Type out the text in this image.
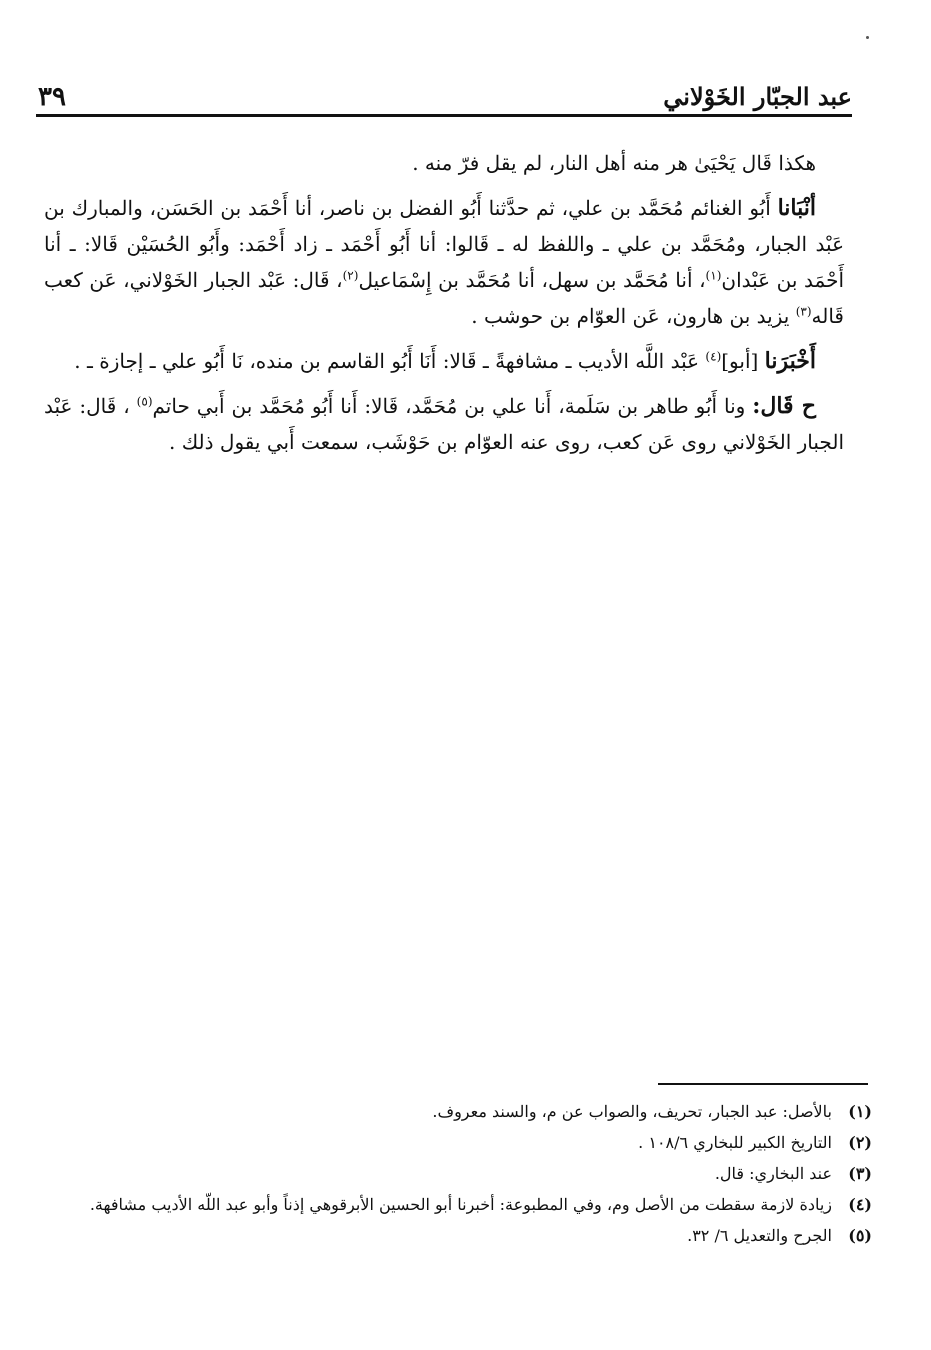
عبد الجبّار الخَوْلاني
٣٩

هكذا قَال يَحْيَىٰ هر منه أهل النار، لم يقل فرّ منه .

أنْبَانا أَبُو الغنائم مُحَمَّد بن علي، ثم حدَّثنا أَبُو الفضل بن ناصر، أنا أَحْمَد بن الحَسَن، والمبارك بن عَبْد الجبار، ومُحَمَّد بن علي ـ واللفظ له ـ قَالوا: أنا أَبُو أَحْمَد ـ زاد أَحْمَد: وأَبُو الحُسَيْن قَالا: ـ أنا أَحْمَد بن عَبْدان$^{(١)}$، أنا مُحَمَّد بن سهل، أنا مُحَمَّد بن إِسْمَاعيل$^{(٢)}$، قَال: عَبْد الجبار الخَوْلاني، عَن كعب قَاله$^{(٣)}$ يزيد بن هارون، عَن العوّام بن حوشب .

أَخْبَرَنا [أبو]$^{(٤)}$ عَبْد اللَّه الأديب ـ مشافهةً ـ قَالا: أَنَا أَبُو القاسم بن منده، نَا أَبُو علي ـ إجازة ـ .

ح قَال: ونا أَبُو طاهر بن سَلَمة، أَنا علي بن مُحَمَّد، قَالا: أَنا أَبُو مُحَمَّد بن أَبي حاتم$^{(٥)}$ ، قَال: عَبْد الجبار الخَوْلاني روى عَن كعب، روى عنه العوّام بن حَوْشَب، سمعت أَبي يقول ذلك .

(١)
بالأصل: عبد الجبار، تحريف، والصواب عن م، والسند معروف.
(٢)
التاريخ الكبير للبخاري ١٠٨/٦ .
(٣)
عند البخاري: قال.
(٤)
زيادة لازمة سقطت من الأصل وم، وفي المطبوعة: أخبرنا أبو الحسين الأبرقوهي إذناً وأبو عبد اللّه الأديب مشافهة.
(٥)
الجرح والتعديل ٦/ ٣٢.
